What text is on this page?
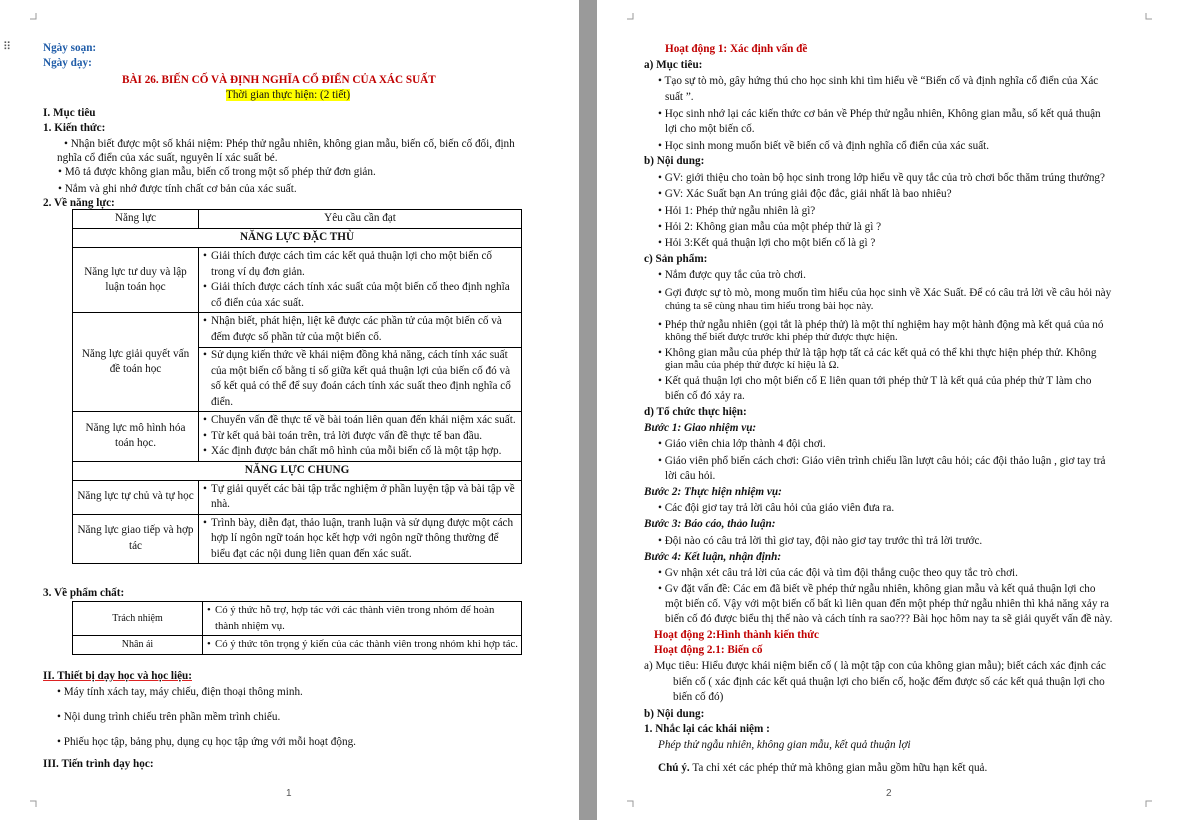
⠿	Ngày soạn:

Ngày dạy:

BÀI 26. BIẾN CỐ VÀ ĐỊNH NGHĨA CỔ ĐIỂN CỦA XÁC SUẤT

Thời gian thực hiện: (2 tiết)

I. Mục tiêu

1. Kiến thức:

• Nhận biết được một số khái niệm: Phép thử ngẫu nhiên, không gian mẫu, biến cố, biến cố đối, định

nghĩa cổ điển của xác suất, nguyên lí xác suất bé.

• Mô tả được không gian mẫu, biến cố trong một số phép thử đơn giản.

• Nắm và ghi nhớ được tính chất cơ bản của xác suất.

2. Về năng lực:

Năng lực	Yêu cầu cần đạt
NĂNG LỰC ĐẶC THÙ	
Năng lực tư duy và lập luận toán học	• Giải thích được cách tìm các kết quả thuận lợi cho một biến cố trong ví dụ đơn giản.

• Giải thích được cách tính xác suất của một biến cố theo định nghĩa cổ điển của xác suất.

Năng lực giải quyết vấn đề toán học	• Nhận biết, phát hiện, liệt kê được các phần tử của một biến cố và đếm được số phần tử của một biến cố.

• Sử dụng kiến thức về khái niệm đồng khả năng, cách tính xác suất của một biến cố bằng tỉ số giữa kết quả thuận lợi của biến cố đó và số kết quả có thể để suy đoán cách tính xác suất theo định nghĩa cổ điển.

Năng lực mô hình hóa toán học.	• Chuyển vấn đề thực tế về bài toán liên quan đến khái niệm xác suất.

• Từ kết quả bài toán trên, trả lời được vấn đề thực tế ban đầu.

• Xác định được bản chất mô hình của mỗi biến cố là một tập hợp.

NĂNG LỰC CHUNG	
Năng lực tự chủ và tự học	• Tự giải quyết các bài tập trắc nghiệm ở phần luyện tập và bài tập về nhà.

Năng lực giao tiếp và hợp tác	• Trình bày, diễn đạt, thảo luận, tranh luận và sử dụng được một cách hợp lí ngôn ngữ toán học kết hợp với ngôn ngữ thông thường để biểu đạt các nội dung liên quan đến xác suất.

3. Về phẩm chất:

Trách nhiệm	• Có ý thức hỗ trợ, hợp tác với các thành viên trong nhóm để hoàn thành nhiệm vụ.

Nhân ái	• Có ý thức tôn trọng ý kiến của các thành viên trong nhóm khi hợp tác.

II. Thiết bị dạy học và học liệu:

• Máy tính xách tay, máy chiếu, điện thoại thông minh.

• Nội dung trình chiếu trên phần mềm trình chiếu.

• Phiếu học tập, bảng phụ, dụng cụ học tập ứng với mỗi hoạt động.

III. Tiến trình dạy học:

1

Hoạt động 1: Xác định vấn đề

a) Mục tiêu:

• Tạo sự tò mò, gây hứng thú cho học sinh khi tìm hiểu về “Biến cố và định nghĩa cổ điển của Xác

suất ”.

• Học sinh nhớ lại các kiến thức cơ bản về Phép thử ngẫu nhiên, Không gian mẫu, số kết quả thuận

lợi cho một biến cố.

• Học sinh mong muốn biết về biến cố và định nghĩa cổ điển của xác suất.

b) Nội dung:

• GV: giới thiệu cho toàn bộ học sinh trong lớp hiểu về quy tắc của trò chơi bốc thăm trúng thưởng?

• GV: Xác Suất bạn An trúng giải độc đắc, giải nhất là bao nhiêu?

• Hỏi 1: Phép thử ngẫu nhiên là gì?

• Hỏi 2: Không gian mẫu của một phép thử là gì ?

• Hỏi 3:Kết quả thuận lợi cho một biến cố là gì ?

c) Sản phẩm:

• Nắm được quy tắc của trò chơi.

• Gợi được sự tò mò, mong muốn tìm hiểu của học sinh về Xác Suất. Để có câu trả lời về câu hỏi này

chúng ta sẽ cùng nhau tìm hiểu trong bài học này.

• Phép thử ngẫu nhiên (gọi tắt là phép thử) là một thí nghiệm hay một hành động mà kết quả của nó

không thể biết được trước khi phép thử được thực hiện.

• Không gian mẫu của phép thử là tập hợp tất cả các kết quả có thể khi thực hiện phép thử. Không

gian mẫu của phép thử được kí hiệu là Ω.

• Kết quả thuận lợi cho một biến cố E liên quan tới phép thử T là kết quả của phép thử T làm cho

biến cố đó xảy ra.

d) Tổ chức thực hiện:

Bước 1: Giao nhiệm vụ:

• Giáo viên chia lớp thành 4 đội chơi.

• Giáo viên phổ biến cách chơi: Giáo viên trình chiếu lần lượt câu hỏi; các đội thảo luận , giơ tay trả

lời câu hỏi.

Bước 2: Thực hiện nhiệm vụ:

• Các đội giơ tay trả lời câu hỏi của giáo viên đưa ra.

Bước 3: Báo cáo, thảo luận:

• Đội nào có câu trả lời thì giơ tay, đội nào giơ tay trước thì trả lời trước.

Bước 4: Kết luận, nhận định:

• Gv nhận xét câu trả lời của các đội và tìm đội thắng cuộc theo quy tắc trò chơi.

• Gv đặt vấn đề: Các em đã biết về phép thử ngẫu nhiên, không gian mẫu và kết quả thuận lợi cho

một biến cố. Vậy với một biến cố bất kì liên quan đến một phép thử ngẫu nhiên thì khả năng xảy ra

biến cố đó được biểu thị thế nào và cách tính ra sao??? Bài học hôm nay ta sẽ giải quyết vấn đề này.

Hoạt động 2:Hình thành kiến thức

Hoạt động 2.1: Biến cố

a) Mục tiêu: Hiểu được khái niệm biến cố ( là một tập con của không gian mẫu); biết cách xác định các

biến cố ( xác định các kết quả thuận lợi cho biến cố, hoặc đếm được số các kết quả thuận lợi cho

biến cố đó)

b) Nội dung:

1. Nhắc lại các khái niệm :

Phép thử ngẫu nhiên, không gian mẫu, kết quả thuận lợi

Chú ý. Ta chỉ xét các phép thử mà không gian mẫu gồm hữu hạn kết quả.

2
